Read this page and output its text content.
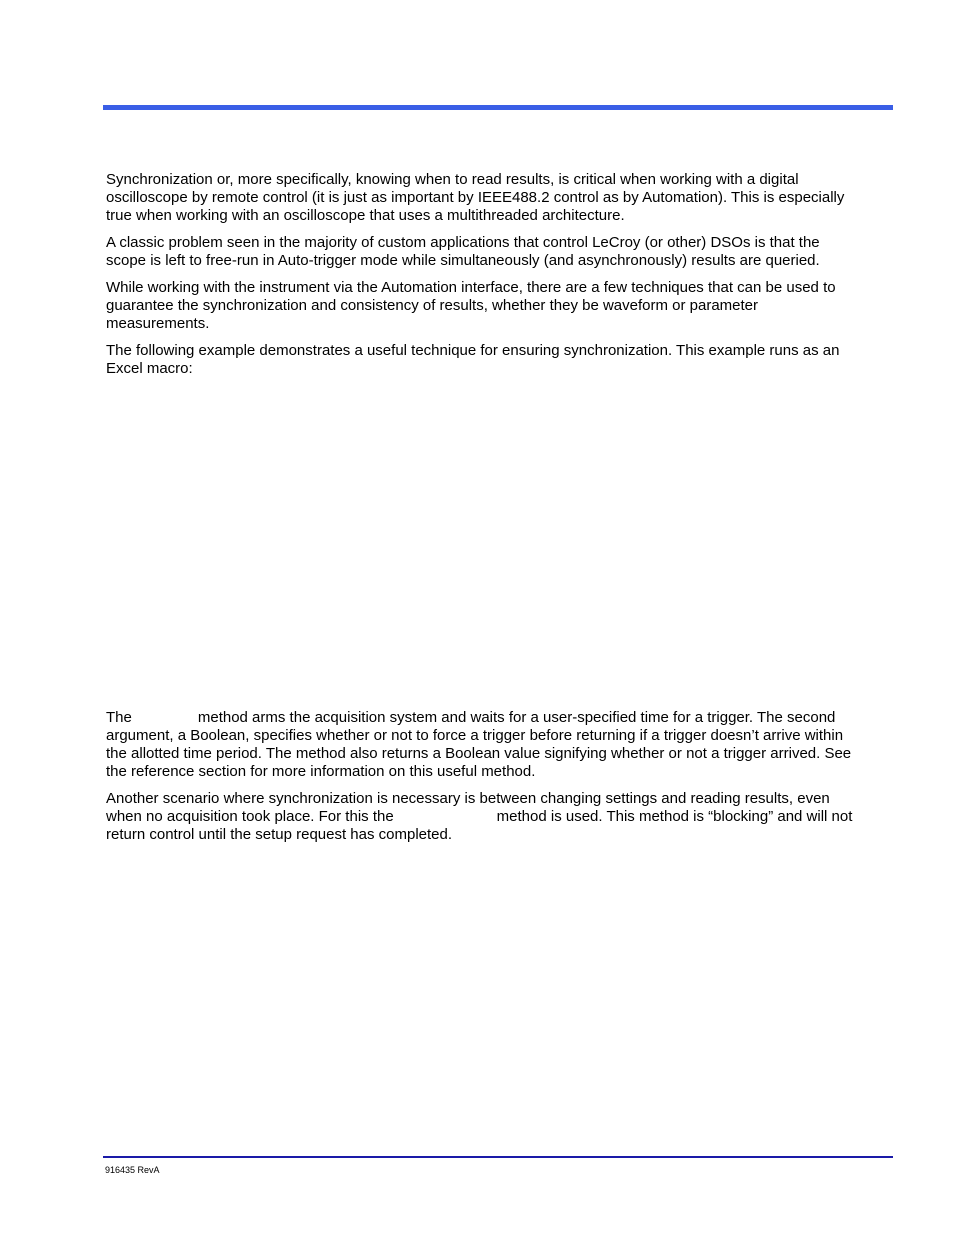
Synchronization or, more specifically, knowing when to read results, is critical when working with a digital
oscilloscope by remote control (it is just as important by IEEE488.2 control as by Automation). This is especially
true when working with an oscilloscope that uses a multithreaded architecture.
A classic problem seen in the majority of custom applications that control LeCroy (or other) DSOs is that the
scope is left to free-run in Auto-trigger mode while simultaneously (and asynchronously) results are queried.
While working with the instrument via the Automation interface, there are a few techniques that can be used to
guarantee the synchronization and consistency of results, whether they be waveform or parameter
measurements.
The following example demonstrates a useful technique for ensuring synchronization. This example runs as an
Excel macro:
The	method arms the acquisition system and waits for a user-specified time for a trigger. The second
argument, a Boolean, specifies whether or not to force a trigger before returning if a trigger doesn’t arrive within
the allotted time period. The method also returns a Boolean value signifying whether or not a trigger arrived. See
the reference section for more information on this useful method.
Another scenario where synchronization is necessary is between changing settings and reading results, even
when no acquisition took place. For this the	method is used. This method is “blocking” and will not
return control until the setup request has completed.
916435 RevA
